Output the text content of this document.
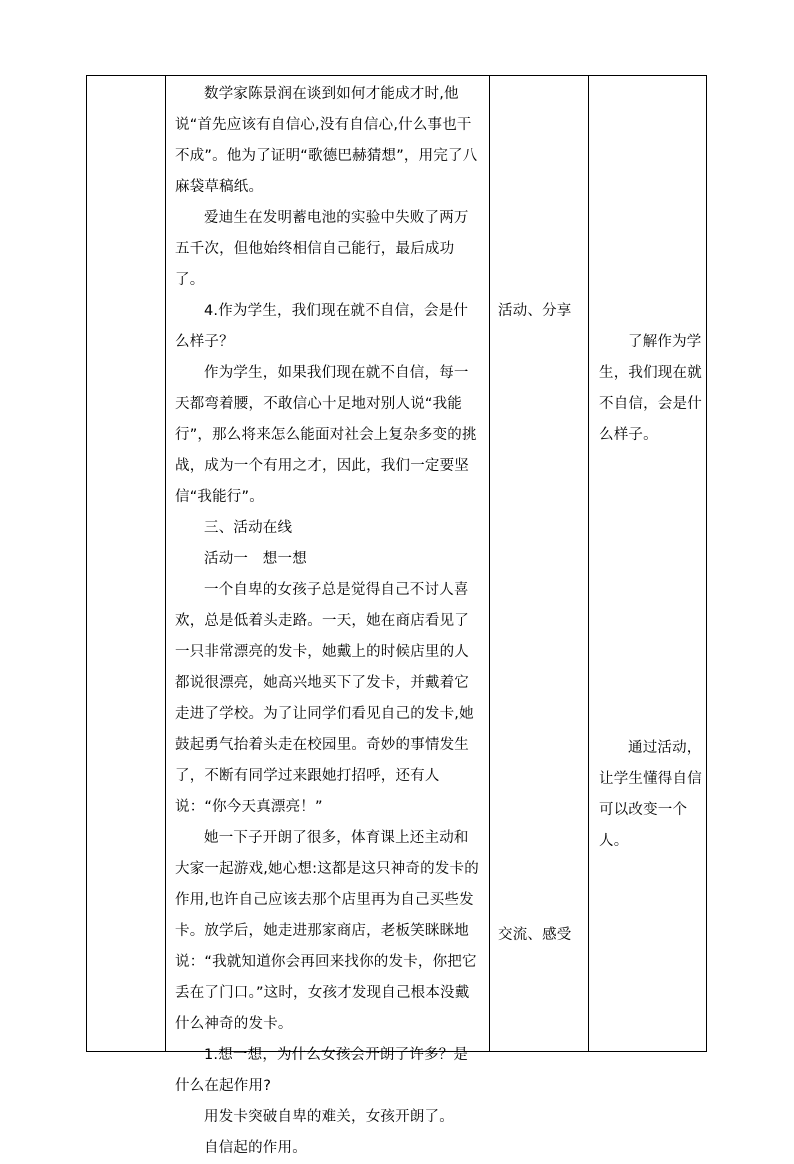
数学家陈景润在谈到如何才能成才时,他说“首先应该有自信心,没有自信心,什么事也干不成”。他为了证明“歌德巴赫猜想”，用完了八麻袋草稿纸。
爱迪生在发明蓄电池的实验中失败了两万五千次，但他始终相信自己能行，最后成功了。
4.作为学生，我们现在就不自信，会是什么样子？
作为学生，如果我们现在就不自信，每一天都弯着腰，不敢信心十足地对别人说“我能行”，那么将来怎么能面对社会上复杂多变的挑战，成为一个有用之才，因此，我们一定要坚信“我能行”。
三、活动在线
活动一　想一想
一个自卑的女孩子总是觉得自己不讨人喜欢，总是低着头走路。一天，她在商店看见了一只非常漂亮的发卡，她戴上的时候店里的人都说很漂亮，她高兴地买下了发卡，并戴着它走进了学校。为了让同学们看见自己的发卡,她鼓起勇气抬着头走在校园里。奇妙的事情发生了，不断有同学过来跟她打招呼，还有人说：“你今天真漂亮！”
她一下子开朗了很多，体育课上还主动和大家一起游戏,她心想:这都是这只神奇的发卡的作用,也许自己应该去那个店里再为自己买些发卡。放学后，她走进那家商店，老板笑眯眯地说：“我就知道你会再回来找你的发卡，你把它丢在了门口。”这时，女孩才发现自己根本没戴什么神奇的发卡。
1.想一想，为什么女孩会开朗了许多？是什么在起作用?
用发卡突破自卑的难关，女孩开朗了。
自信起的作用。
活动、分享
交流、感受
了解作为学生，我们现在就不自信，会是什么样子。
通过活动，让学生懂得自信可以改变一个人。
